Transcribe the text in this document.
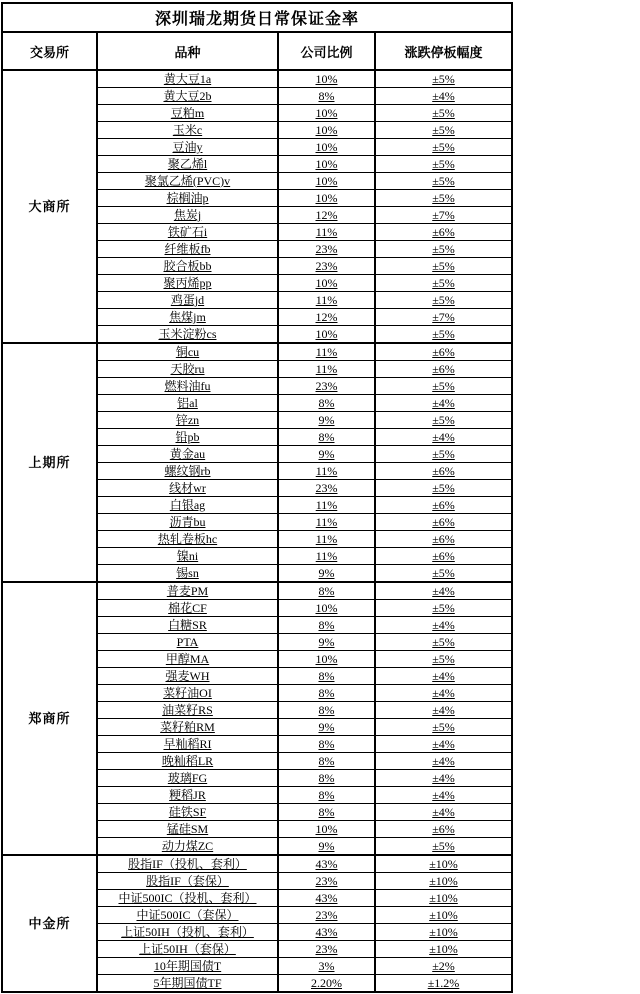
深圳瑞龙期货日常保证金率			
交易所	品种	公司比例	涨跌停板幅度
大商所	黄大豆1a	10%	±5%
	黄大豆2b	8%	±4%
	豆粕m	10%	±5%
	玉米c	10%	±5%
	豆油y	10%	±5%
	聚乙烯l	10%	±5%
	聚氯乙烯(PVC)v	10%	±5%
	棕榈油p	10%	±5%
	焦炭j	12%	±7%
	铁矿石i	11%	±6%
	纤维板fb	23%	±5%
	胶合板bb	23%	±5%
	聚丙烯pp	10%	±5%
	鸡蛋jd	11%	±5%
	焦煤jm	12%	±7%
	玉米淀粉cs	10%	±5%
上期所	铜cu	11%	±6%
	天胶ru	11%	±6%
	燃料油fu	23%	±5%
	铝al	8%	±4%
	锌zn	9%	±5%
	铅pb	8%	±4%
	黄金au	9%	±5%
	螺纹钢rb	11%	±6%
	线材wr	23%	±5%
	白银ag	11%	±6%
	沥青bu	11%	±6%
	热轧卷板hc	11%	±6%
	镍ni	11%	±6%
	锡sn	9%	±5%
郑商所	普麦PM	8%	±4%
	棉花CF	10%	±5%
	白糖SR	8%	±4%
	PTA	9%	±5%
	甲醇MA	10%	±5%
	强麦WH	8%	±4%
	菜籽油OI	8%	±4%
	油菜籽RS	8%	±4%
	菜籽粕RM	9%	±5%
	早籼稻RI	8%	±4%
	晚籼稻LR	8%	±4%
	玻璃FG	8%	±4%
	粳稻JR	8%	±4%
	硅铁SF	8%	±4%
	锰硅SM	10%	±6%
	动力煤ZC	9%	±5%
中金所	股指IF（投机、套利）	43%	±10%
	股指IF（套保）	23%	±10%
	中证500IC（投机、套利）	43%	±10%
	中证500IC（套保）	23%	±10%
	上证50IH（投机、套利）	43%	±10%
	上证50IH（套保）	23%	±10%
	10年期国债T	3%	±2%
	5年期国债TF	2.20%	±1.2%
